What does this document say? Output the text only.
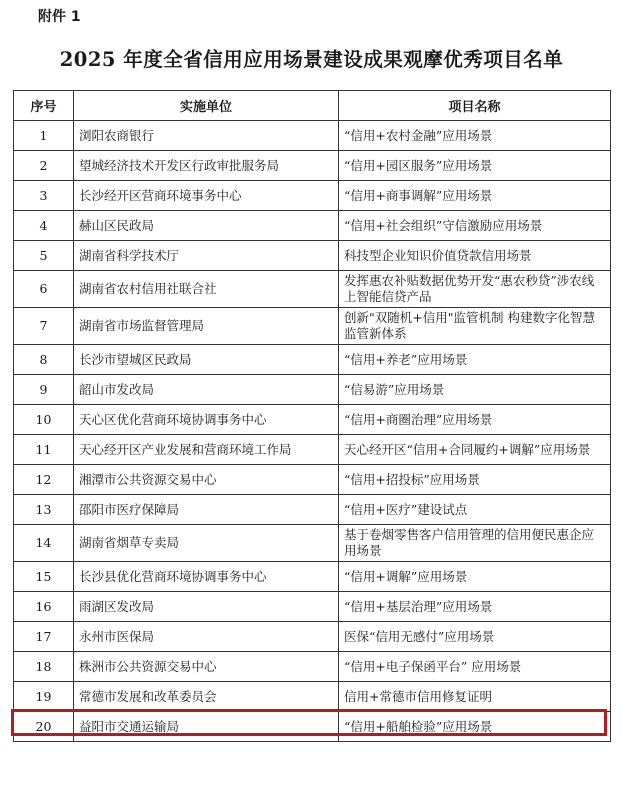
附件 1
2025 年度全省信用应用场景建设成果观摩优秀项目名单
序号	实施单位	项目名称
1	浏阳农商银行	“信用+农村金融”应用场景
2	望城经济技术开发区行政审批服务局	“信用+园区服务”应用场景
3	长沙经开区营商环境事务中心	“信用+商事调解”应用场景
4	赫山区民政局	“信用+社会组织”守信激励应用场景
5	湖南省科学技术厅	科技型企业知识价值贷款信用场景
6	湖南省农村信用社联合社	发挥惠农补贴数据优势开发“惠农秒贷”涉农线上智能信贷产品
7	湖南省市场监督管理局	创新"双随机+信用"监管机制 构建数字化智慧监管新体系
8	长沙市望城区民政局	“信用+养老”应用场景
9	韶山市发改局	“信易游”应用场景
10	天心区优化营商环境协调事务中心	“信用+商圈治理”应用场景
11	天心经开区产业发展和营商环境工作局	天心经开区“信用+合同履约+调解”应用场景
12	湘潭市公共资源交易中心	“信用+招投标”应用场景
13	邵阳市医疗保障局	“信用+医疗”建设试点
14	湖南省烟草专卖局	基于卷烟零售客户信用管理的信用便民惠企应用场景
15	长沙县优化营商环境协调事务中心	“信用+调解”应用场景
16	雨湖区发改局	“信用+基层治理”应用场景
17	永州市医保局	医保“信用无感付”应用场景
18	株洲市公共资源交易中心	“信用+电子保函平台” 应用场景
19	常德市发展和改革委员会	信用+常德市信用修复证明
20	益阳市交通运输局	“信用+船舶检验”应用场景
